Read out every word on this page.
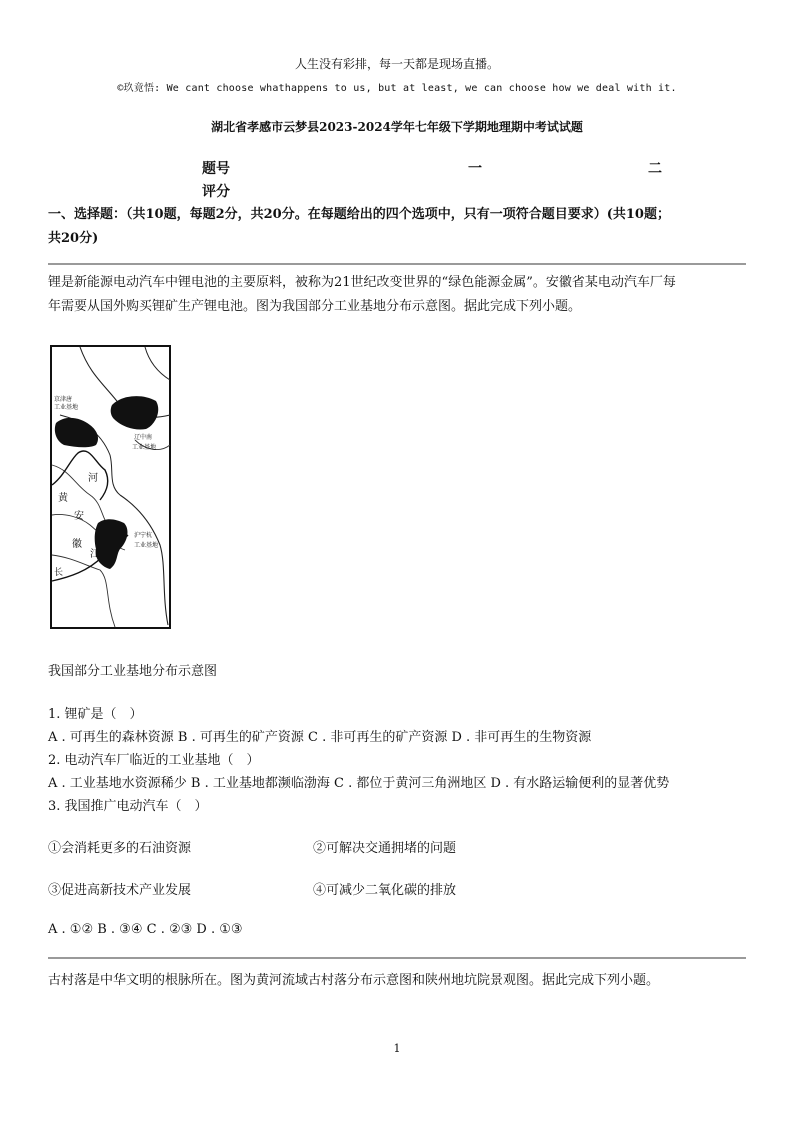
人生没有彩排，每一天都是现场直播。
©玖竟悟: We cant choose whathappens to us, but at least, we can choose how we deal with it.
湖北省孝感市云梦县2023-2024学年七年级下学期地理期中考试试题
题号	一	二
评分
一、选择题：（共10题，每题2分，共20分。在每题给出的四个选项中，只有一项符合题目要求）(共10题；
共20分)
锂是新能源电动汽车中锂电池的主要原料，被称为21世纪改变世界的“绿色能源金属”。安徽省某电动汽车厂每
年需要从国外购买锂矿生产锂电池。图为我国部分工业基地分布示意图。据此完成下列小题。
京津唐
工业基地
辽中南
工业基地
河
黄
安
徽
江
长
沪宁杭
工业基地
我国部分工业基地分布示意图
1. 锂矿是（　）
A . 可再生的森林资源 B . 可再生的矿产资源 C . 非可再生的矿产资源 D . 非可再生的生物资源
2. 电动汽车厂临近的工业基地（　）
A . 工业基地水资源稀少 B . 工业基地都濒临渤海 C . 都位于黄河三角洲地区 D . 有水路运输便利的显著优势
3. 我国推广电动汽车（　）
①会消耗更多的石油资源	②可解决交通拥堵的问题
③促进高新技术产业发展	④可减少二氧化碳的排放
A . ①② B . ③④ C . ②③ D . ①③
古村落是中华文明的根脉所在。图为黄河流域古村落分布示意图和陕州地坑院景观图。据此完成下列小题。
1
